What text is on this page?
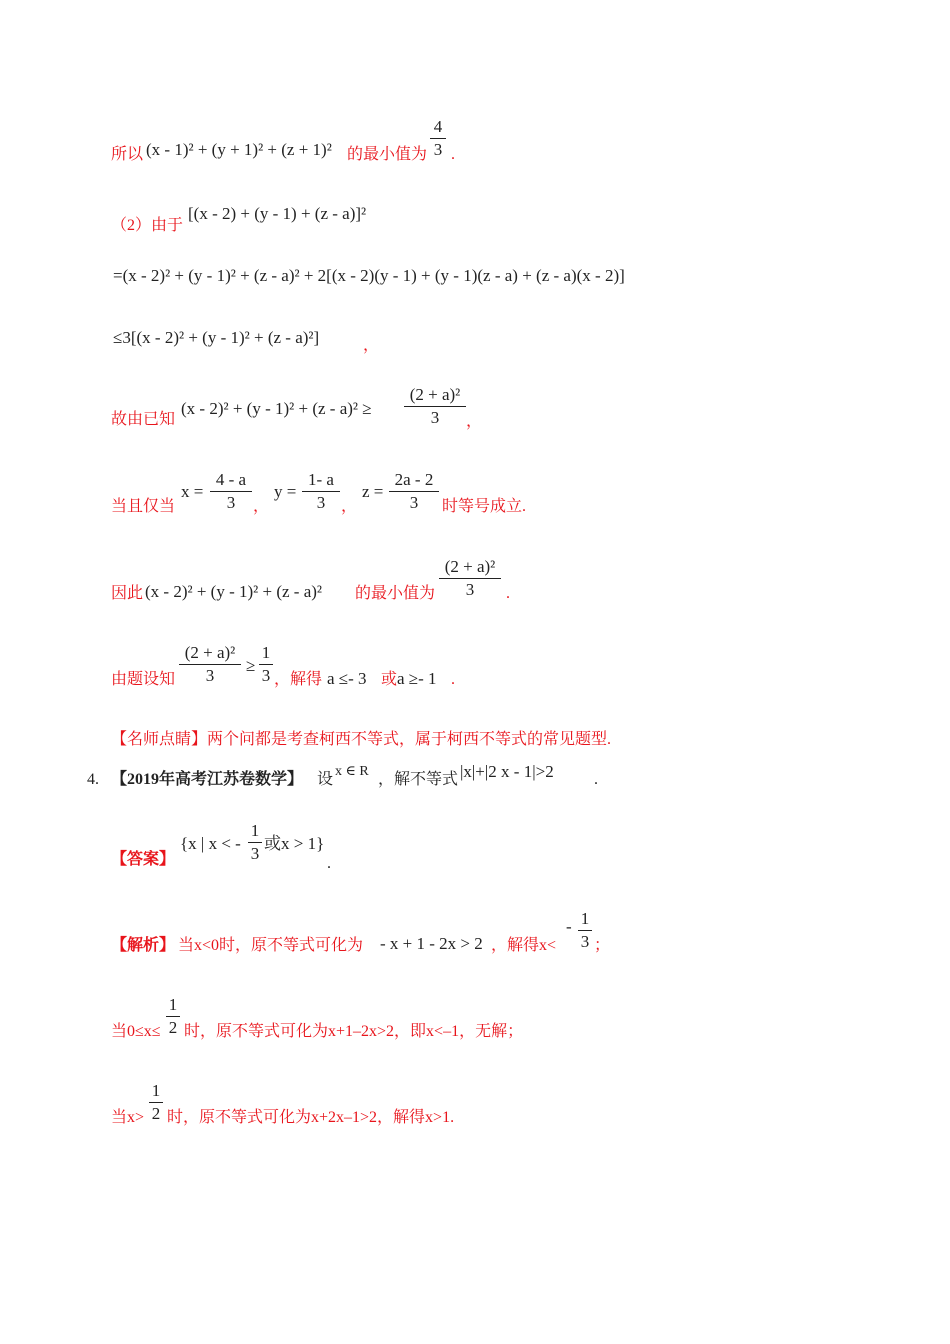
所以 (x - 1)² + (y + 1)² + (z + 1)² 的最小值为
4
3 .
（2）由于
[(x - 2) + (y - 1) + (z - a)]²
=(x - 2)² + (y - 1)² + (z - a)² + 2[(x - 2)(y - 1) + (y - 1)(z - a) + (z - a)(x - 2)]
≤3[(x - 2)² + (y - 1)² + (z - a)²]	，
故由已知
(x - 2)² + (y - 1)² + (z - a)² ≥
(2 + a)²
3	，
当且仅当
x =
4 - a
3	，
y =
1- a
3 ，
z =
2a - 2
3	时等号成立.
因此 (x - 2)² + (y - 1)² + (z - a)² 的最小值为
(2 + a)²
3	.
由题设知
(2 + a)²
3
≥
1
3 ，解得 a ≤- 3 或 a ≥- 1 .
【名师点睛】两个问都是考查柯西不等式，属于柯西不等式的常见题型.
4. 【2019年高考江苏卷数学】 设 x ∈ R ，解不等式 |x|+|2 x - 1|>2	.
【答案】
{x | x < -
1
3
或x > 1}
.
【解析】 当x<0时，原不等式可化为 - x + 1 - 2x > 2 ，解得x<
- 1
3 ；
当0≤x≤
1
2 时，原不等式可化为x+1–2x>2，即x<–1，无解；
当x>
1
2 时，原不等式可化为x+2x–1>2，解得x>1.
